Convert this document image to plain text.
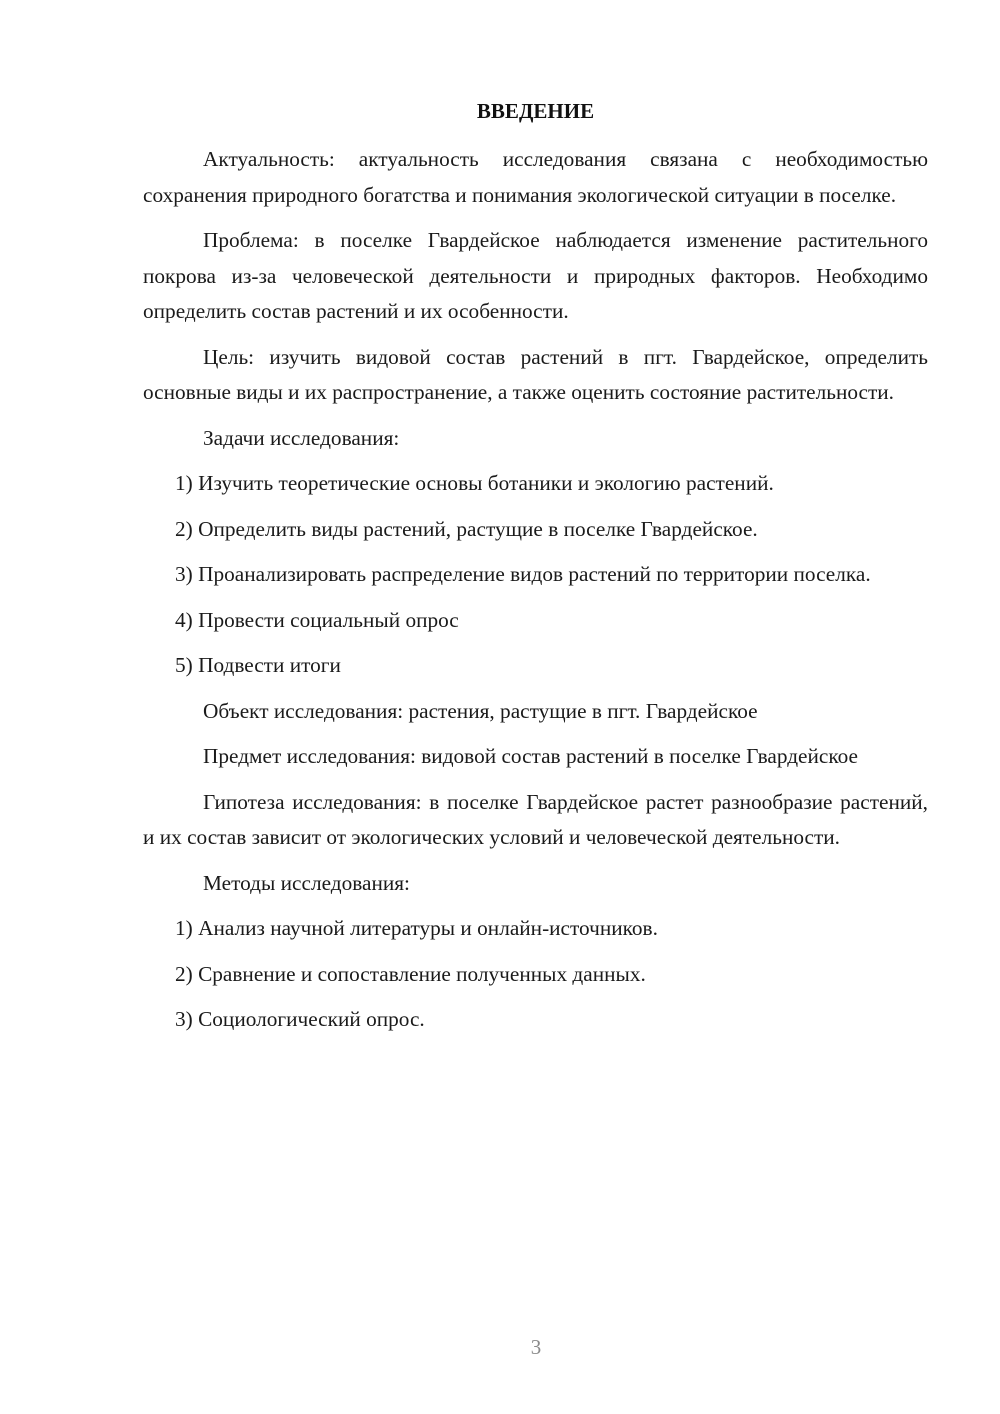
ВВЕДЕНИЕ

Актуальность: актуальность исследования связана с необходимостью сохранения природного богатства и понимания экологической ситуации в поселке.

Проблема: в поселке Гвардейское наблюдается изменение растительного покрова из-за человеческой деятельности и природных факторов. Необходимо определить состав растений и их особенности.

Цель: изучить видовой состав растений в пгт. Гвардейское, определить основные виды и их распространение, а также оценить состояние растительности.

Задачи исследования:

1) Изучить теоретические основы ботаники и экологию растений.

2) Определить виды растений, растущие в поселке Гвардейское.

3) Проанализировать распределение видов растений по территории поселка.

4) Провести социальный опрос

5) Подвести итоги

Объект исследования: растения, растущие в пгт. Гвардейское

Предмет исследования: видовой состав растений в поселке Гвардейское

Гипотеза исследования: в поселке Гвардейское растет разнообразие растений, и их состав зависит от экологических условий и человеческой деятельности.

Методы исследования:

1) Анализ научной литературы и онлайн-источников.

2) Сравнение и сопоставление полученных данных.

3) Социологический опрос.

3
